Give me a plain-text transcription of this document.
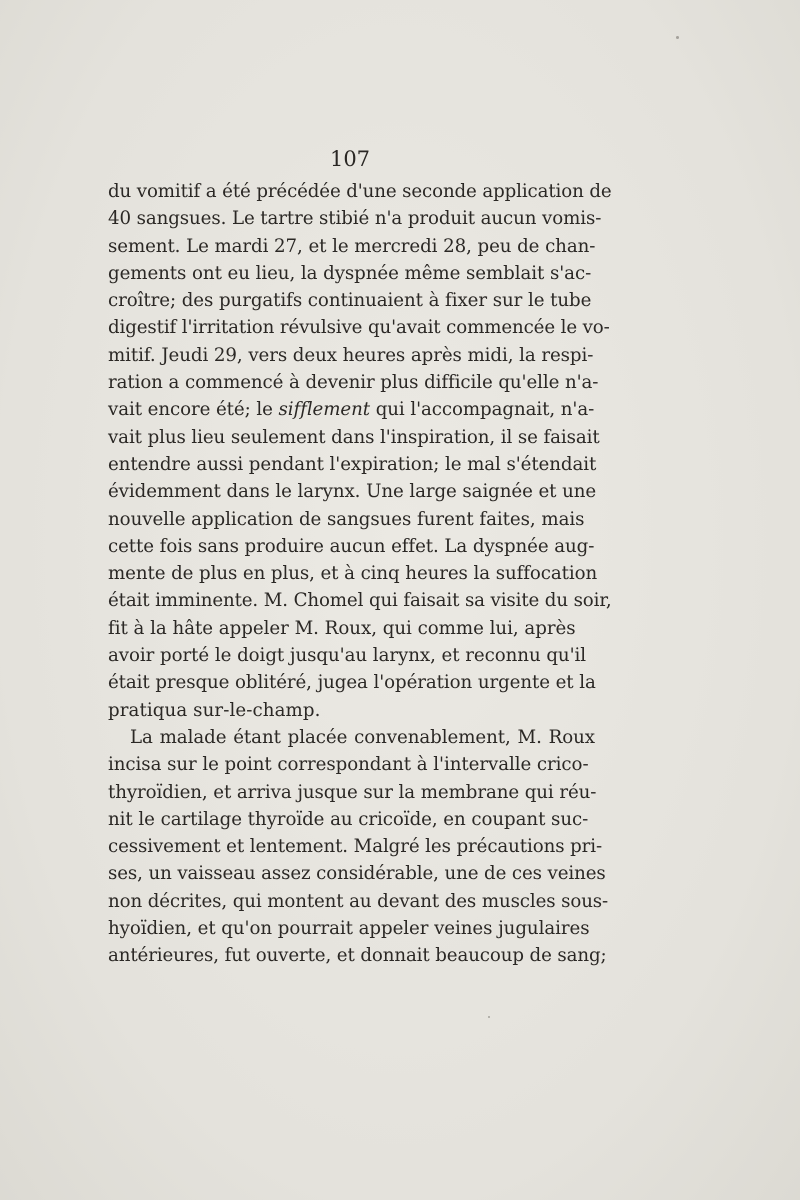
107
du vomitif a été précédée d'une seconde application de
40 sangsues. Le tartre stibié n'a produit aucun vomis-
sement. Le mardi 27, et le mercredi 28, peu de chan-
gements ont eu lieu, la dyspnée même semblait s'ac-
croître; des purgatifs continuaient à fixer sur le tube
digestif l'irritation révulsive qu'avait commencée le vo-
mitif. Jeudi 29, vers deux heures après midi, la respi-
ration a commencé à devenir plus difficile qu'elle n'a-
vait encore été; le sifflement qui l'accompagnait, n'a-
vait plus lieu seulement dans l'inspiration, il se faisait
entendre aussi pendant l'expiration; le mal s'étendait
évidemment dans le larynx. Une large saignée et une
nouvelle application de sangsues furent faites, mais
cette fois sans produire aucun effet. La dyspnée aug-
mente de plus en plus, et à cinq heures la suffocation
était imminente. M. Chomel qui faisait sa visite du soir,
fit à la hâte appeler M. Roux, qui comme lui, après
avoir porté le doigt jusqu'au larynx, et reconnu qu'il
était presque oblitéré, jugea l'opération urgente et la
pratiqua sur-le-champ.
La malade étant placée convenablement, M. Roux
incisa sur le point correspondant à l'intervalle crico-
thyroïdien, et arriva jusque sur la membrane qui réu-
nit le cartilage thyroïde au cricoïde, en coupant suc-
cessivement et lentement. Malgré les précautions pri-
ses, un vaisseau assez considérable, une de ces veines
non décrites, qui montent au devant des muscles sous-
hyoïdien, et qu'on pourrait appeler veines jugulaires
antérieures, fut ouverte, et donnait beaucoup de sang;
